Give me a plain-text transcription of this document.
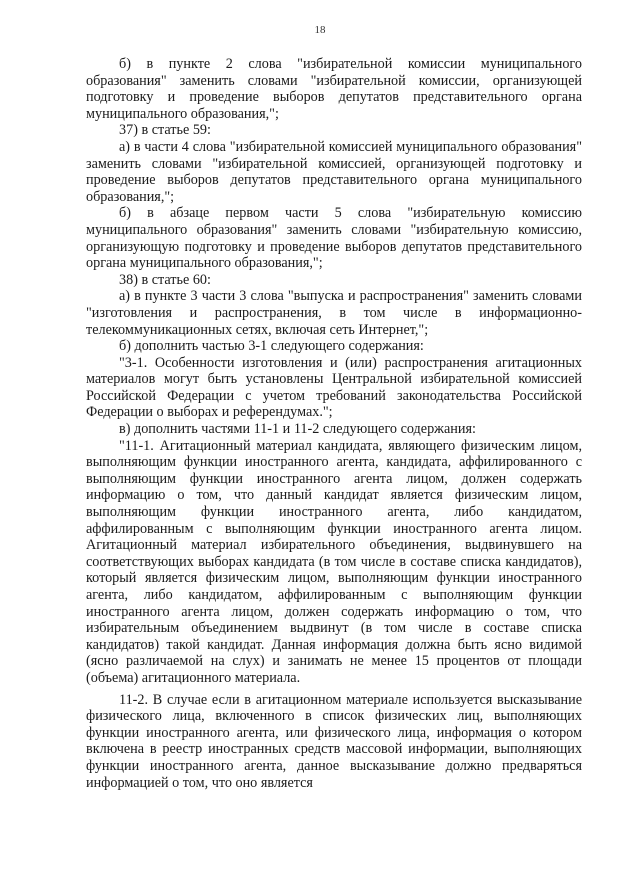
18

б) в пункте 2 слова "избирательной комиссии муниципального образования" заменить словами "избирательной комиссии, организующей подготовку и проведение выборов депутатов представительного органа муниципального образования,";

37) в статье 59:

а) в части 4 слова "избирательной комиссией муниципального образования" заменить словами "избирательной комиссией, организующей подготовку и проведение выборов депутатов представительного органа муниципального образования,";

б) в абзаце первом части 5 слова "избирательную комиссию муниципального образования" заменить словами "избирательную комиссию, организующую подготовку и проведение выборов депутатов представительного органа муниципального образования,";

38) в статье 60:

а) в пункте 3 части 3 слова "выпуска и распространения" заменить словами "изготовления и распространения, в том числе в информационно-телекоммуникационных сетях, включая сеть Интернет,";

б) дополнить частью 3-1 следующего содержания:

"3-1. Особенности изготовления и (или) распространения агитационных материалов могут быть установлены Центральной избирательной комиссией Российской Федерации с учетом требований законодательства Российской Федерации о выборах и референдумах.";

в) дополнить частями 11-1 и 11-2 следующего содержания:

"11-1. Агитационный материал кандидата, являющего физическим лицом, выполняющим функции иностранного агента, кандидата, аффилированного с выполняющим функции иностранного агента лицом, должен содержать информацию о том, что данный кандидат является физическим лицом, выполняющим функции иностранного агента, либо кандидатом, аффилированным с выполняющим функции иностранного агента лицом. Агитационный материал избирательного объединения, выдвинувшего на соответствующих выборах кандидата (в том числе в составе списка кандидатов), который является физическим лицом, выполняющим функции иностранного агента, либо кандидатом, аффилированным с выполняющим функции иностранного агента лицом, должен содержать информацию о том, что избирательным объединением выдвинут (в том числе в составе списка кандидатов) такой кандидат. Данная информация должна быть ясно видимой (ясно различаемой на слух) и занимать не менее 15 процентов от площади (объема) агитационного материала.

11-2. В случае если в агитационном материале используется высказывание физического лица, включенного в список физических лиц, выполняющих функции иностранного агента, или физического лица, информация о котором включена в реестр иностранных средств массовой информации, выполняющих функции иностранного агента, данное высказывание должно предваряться информацией о том, что оно является
